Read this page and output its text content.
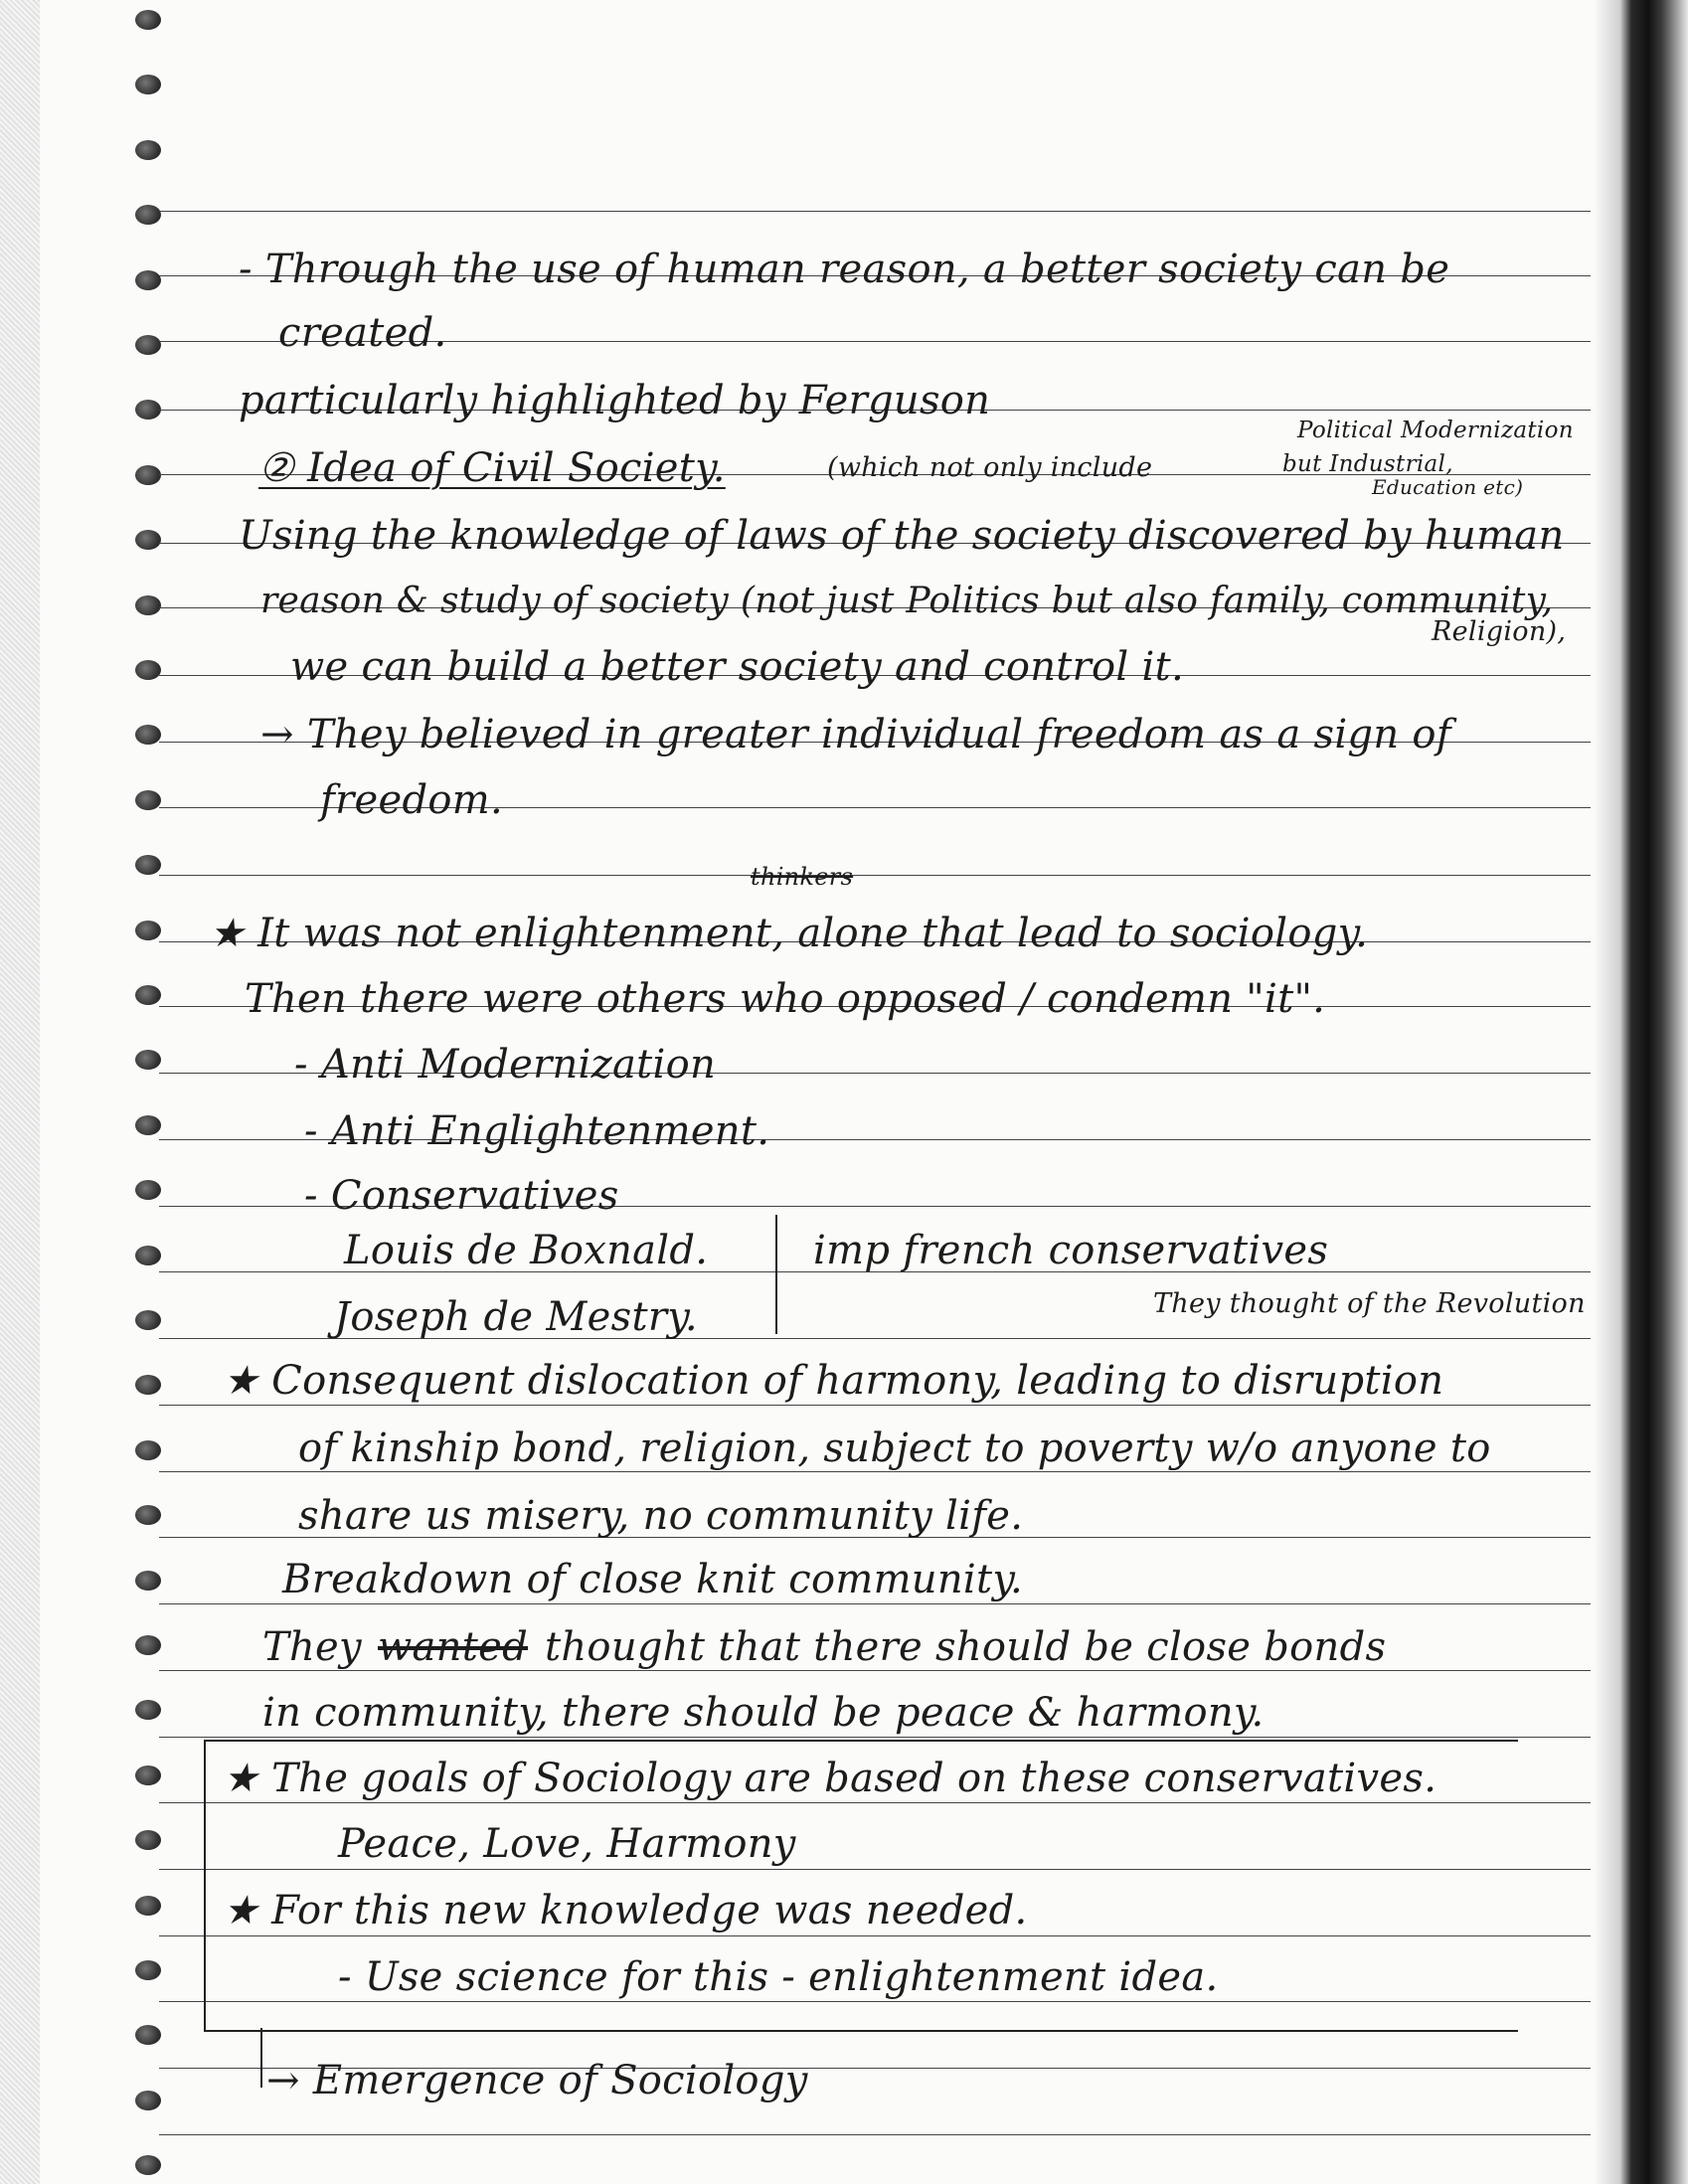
- Through the use of human reason, a better society can be
created.
particularly highlighted by Ferguson
② Idea of Civil Society.	(which not only include
Political Modernization
but Industrial,
Education etc)
Using the knowledge of laws of the society discovered by human
reason & study of society (not just Politics but also family, community,
Religion),
we can build a better society and control it.
→ They believed in greater individual freedom as a sign of
freedom.
thinkers
★ It was not enlightenment, alone that lead to sociology.
Then there were others who opposed / condemn "it".
- Anti Modernization
- Anti Englightenment.
- Conservatives
Louis de Boxnald.	imp french conservatives
Joseph de Mestry.	They thought of the Revolution
★ Consequent dislocation of harmony, leading to disruption
of kinship bond, religion, subject to poverty w/o anyone to
share us misery, no community life.
Breakdown of close knit community.
They wanted thought that there should be close bonds
in community, there should be peace & harmony.
★ The goals of Sociology are based on these conservatives.
Peace, Love, Harmony
★ For this new knowledge was needed.
- Use science for this - enlightenment idea.
→ Emergence of Sociology
